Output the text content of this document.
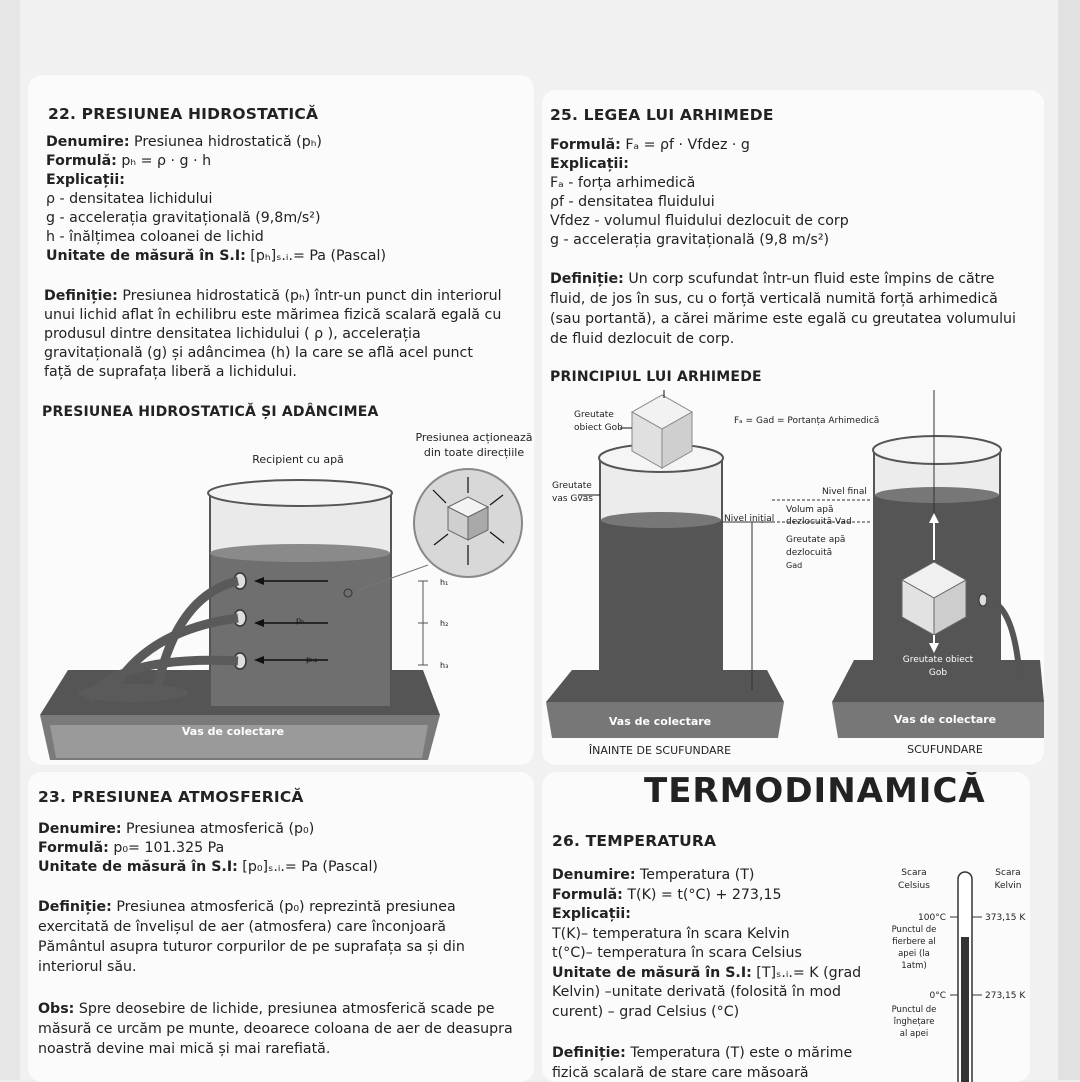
22. PRESIUNEA HIDROSTATICĂ
Denumire: Presiunea hidrostatică (pₕ)
Formulă: pₕ = ρ · g · h
Explicații:
ρ - densitatea lichidului
g - accelerația gravitațională (9,8m/s²)
h - înălțimea coloanei de lichid
Unitate de măsură în S.I: [pₕ]ₛ.ᵢ.= Pa (Pascal)
Definiție: Presiunea hidrostatică (pₕ) într-un punct din interiorul
unui lichid aflat în echilibru este mărimea fizică scalară egală cu
produsul dintre densitatea lichidului ( ρ ), accelerația
gravitațională (g) și adâncimea (h) la care se află acel punct
față de suprafața liberă a lichidului.
PRESIUNEA HIDROSTATICĂ ȘI ADÂNCIMEA
pₕ
pₕ₂
h₁
h₂
h₃
Recipient cu apă
Presiunea acționează
din toate direcțiile
Vas de colectare
25. LEGEA LUI ARHIMEDE
Formulă: Fₐ = ρf · Vfdez · g
Explicații:
Fₐ - forța arhimedică
ρf - densitatea fluidului
Vfdez - volumul fluidului dezlocuit de corp
g - accelerația gravitațională (9,8 m/s²)
Definiție: Un corp scufundat într-un fluid este împins de către
fluid, de jos în sus, cu o forță verticală numită forță arhimedică
(sau portantă), a cărei mărime este egală cu greutatea volumului
de fluid dezlocuit de corp.
PRINCIPIUL LUI ARHIMEDE
Greutate
obiect Gob
Fₐ = Gad = Portanța Arhimedică
Greutate
vas Gvas
Nivel final
Nivel inițial
Volum apă
dezlocuită Vad
Greutate apă
dezlocuită
Gad
Greutate obiect
Gob
Vas de colectare	Vas de colectare
ÎNAINTE DE SCUFUNDARE	SCUFUNDARE
23. PRESIUNEA ATMOSFERICĂ
Denumire: Presiunea atmosferică (p₀)
Formulă: p₀= 101.325 Pa
Unitate de măsură în S.I: [p₀]ₛ.ᵢ.= Pa (Pascal)
Definiție: Presiunea atmosferică (p₀) reprezintă presiunea
exercitată de învelișul de aer (atmosfera) care înconjoară
Pământul asupra tuturor corpurilor de pe suprafața sa și din
interiorul său.
Obs: Spre deosebire de lichide, presiunea atmosferică scade pe
măsură ce urcăm pe munte, deoarece coloana de aer de deasupra
noastră devine mai mică și mai rarefiată.
TERMODINAMICĂ
26. TEMPERATURA
Denumire: Temperatura (T)
Formulă: T(K) = t(°C) + 273,15
Explicații:
T(K)– temperatura în scara Kelvin
t(°C)– temperatura în scara Celsius
Unitate de măsură în S.I: [T]ₛ.ᵢ.= K (grad
Kelvin) –unitate derivată (folosită în mod
curent) – grad Celsius (°C)
Definiție: Temperatura (T) este o mărime
fizică scalară de stare care măsoară
Scara
Celsius
Scara
Kelvin
100°C	373,15 K
Punctul de
fierbere al
apei (la
1atm)
0°C	273,15 K
Punctul de
înghețare
al apei
